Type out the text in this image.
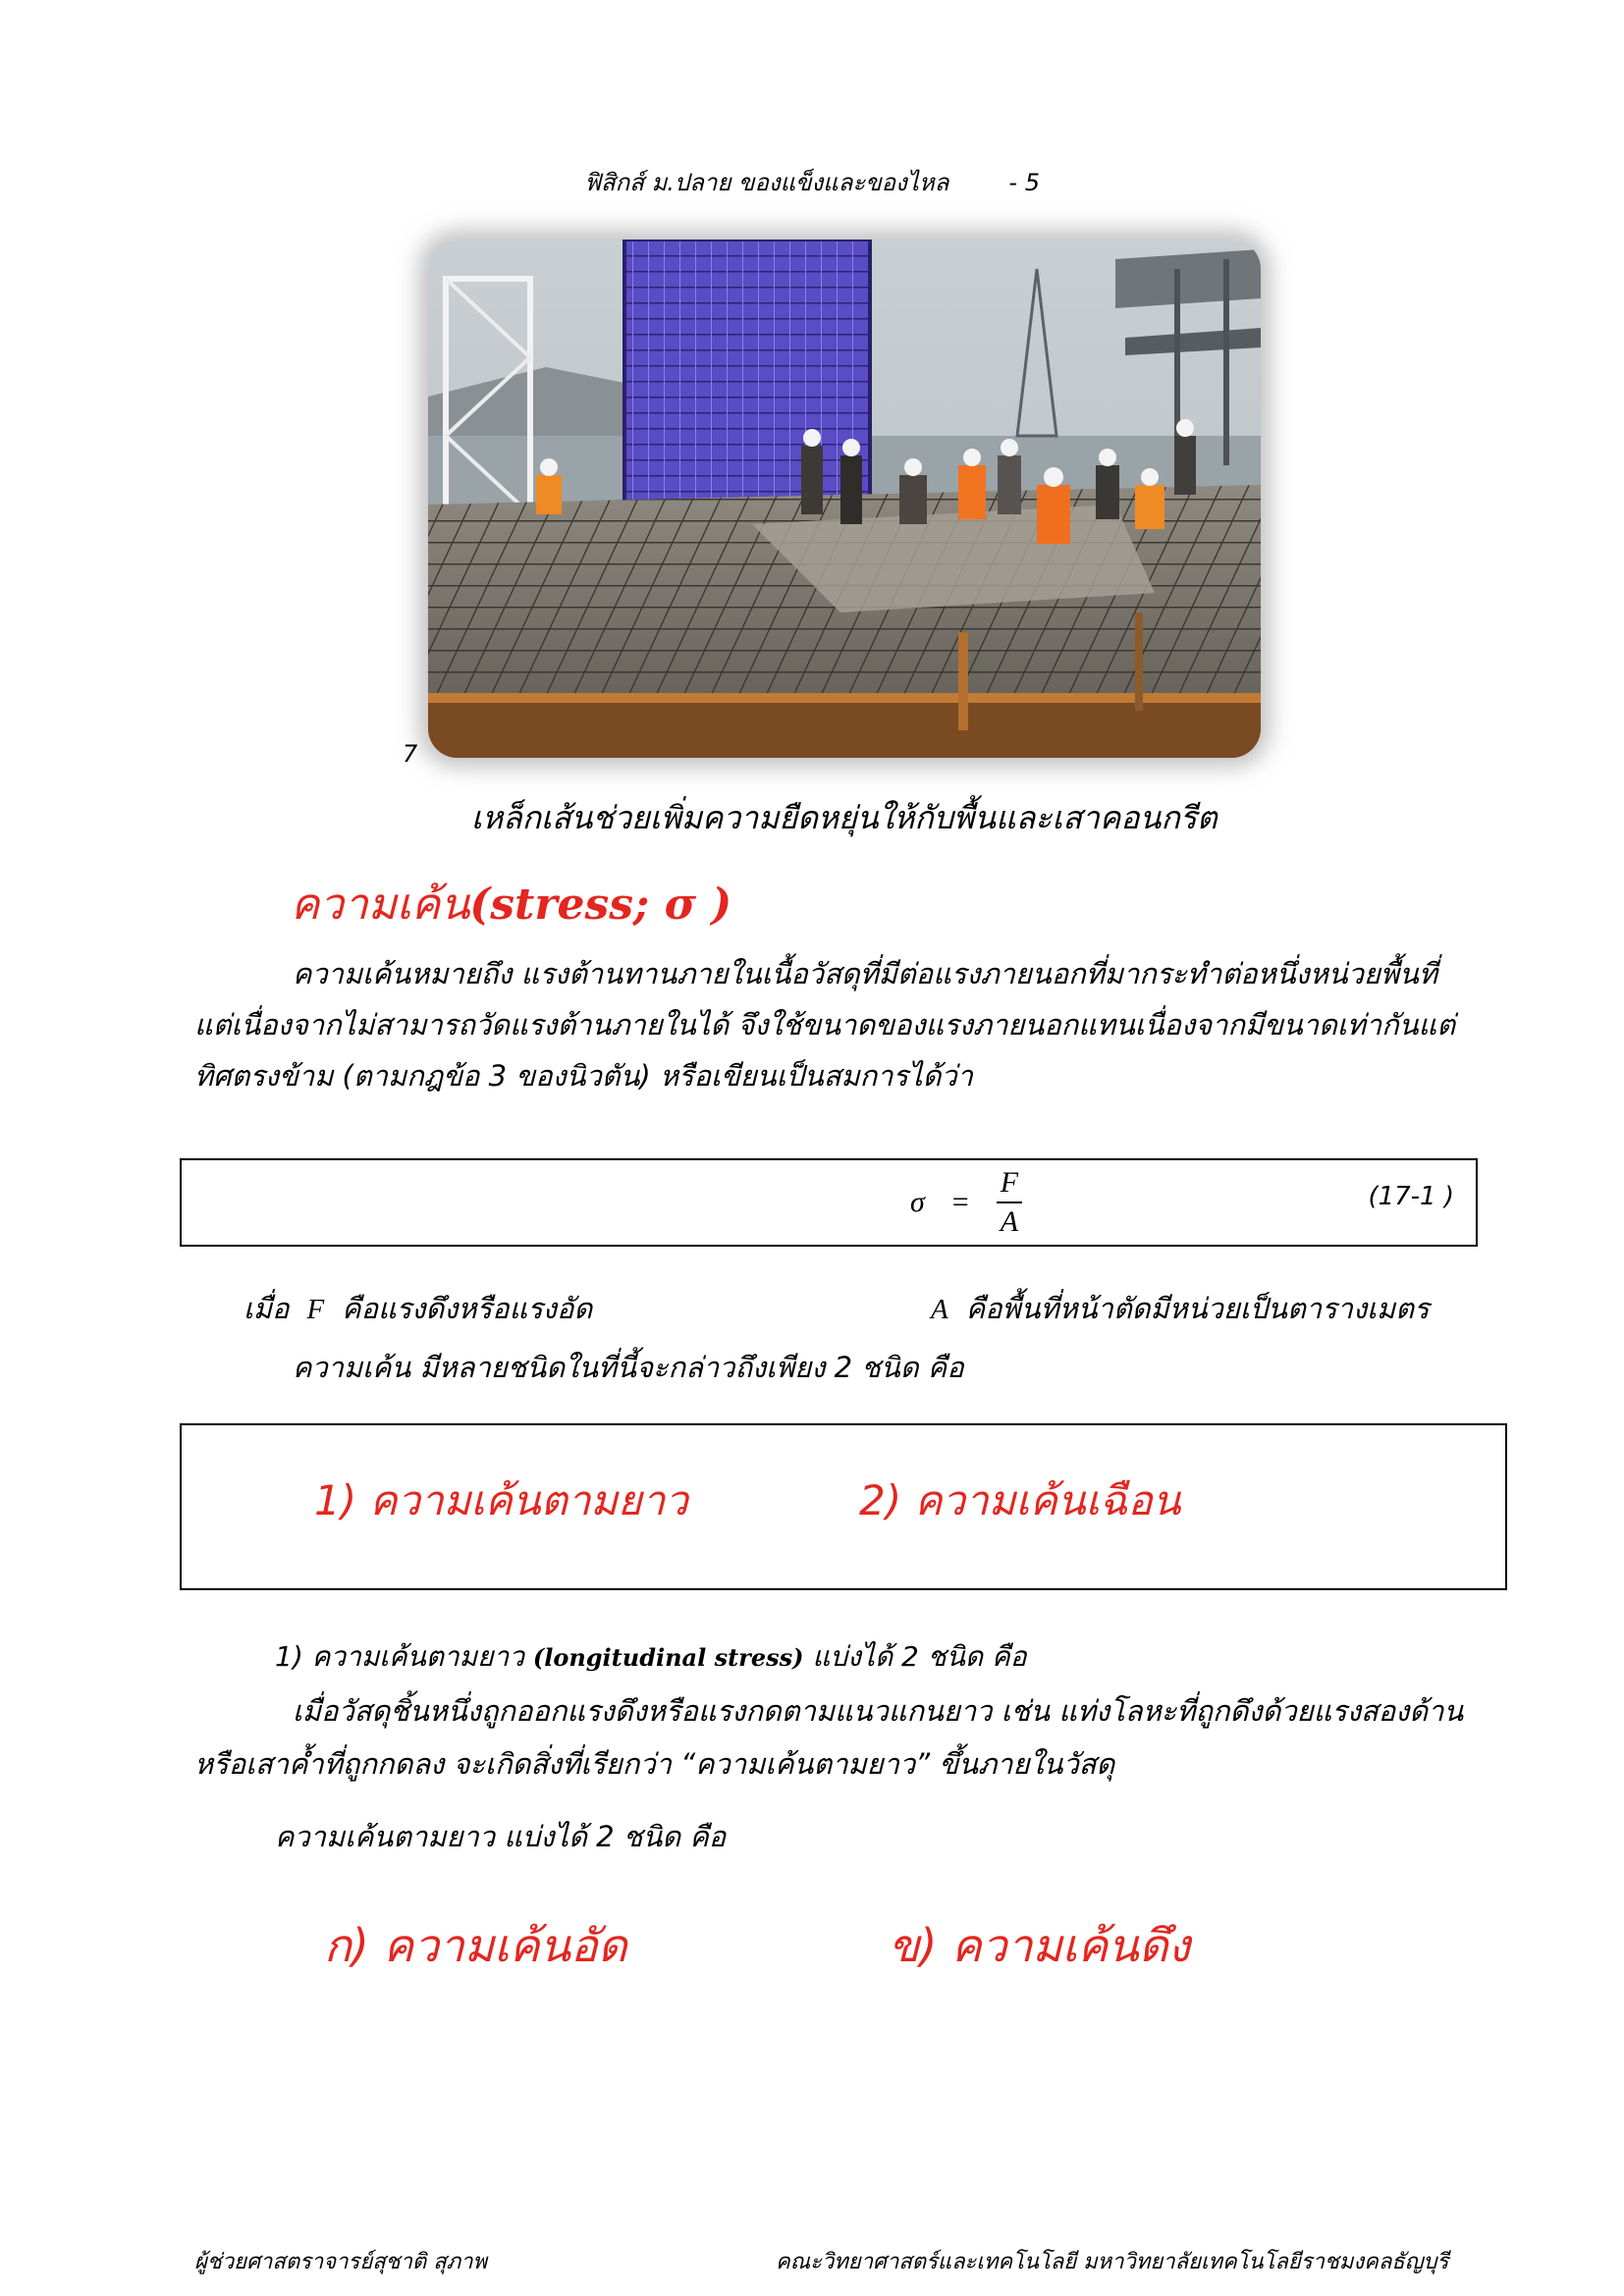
ฟิสิกส์ ม.ปลาย ของแข็งและของไหล	- 5
7
เหล็กเส้นช่วยเพิ่มความยืดหยุ่นให้กับพื้นและเสาคอนกรีต
ความเค้น(stress; σ )
ความเค้นหมายถึง แรงต้านทานภายในเนื้อวัสดุที่มีต่อแรงภายนอกที่มากระทำต่อหนึ่งหน่วยพื้นที่ แต่เนื่องจากไม่สามารถวัดแรงต้านภายในได้ จึงใช้ขนาดของแรงภายนอกแทนเนื่องจากมีขนาดเท่ากันแต่ทิศตรงข้าม (ตามกฎข้อ 3 ของนิวตัน) หรือเขียนเป็นสมการได้ว่า
$\sigma = \frac{F}{A}$	(17-1 )
เมื่อ F คือแรงดึงหรือแรงอัด	A คือพื้นที่หน้าตัดมีหน่วยเป็นตารางเมตร
ความเค้น มีหลายชนิดในที่นี้จะกล่าวถึงเพียง 2 ชนิด คือ
1) ความเค้นตามยาว	2) ความเค้นเฉือน
1) ความเค้นตามยาว (longitudinal stress) แบ่งได้ 2 ชนิด คือ
เมื่อวัสดุชิ้นหนึ่งถูกออกแรงดึงหรือแรงกดตามแนวแกนยาว เช่น แท่งโลหะที่ถูกดึงด้วยแรงสองด้าน หรือเสาค้ำที่ถูกกดลง จะเกิดสิ่งที่เรียกว่า “ความเค้นตามยาว” ขึ้นภายในวัสดุ
ความเค้นตามยาว แบ่งได้ 2 ชนิด คือ
ก) ความเค้นอัด	ข) ความเค้นดึง
ผู้ช่วยศาสตราจารย์สุชาติ สุภาพ	คณะวิทยาศาสตร์และเทคโนโลยี มหาวิทยาลัยเทคโนโลยีราชมงคลธัญบุรี
